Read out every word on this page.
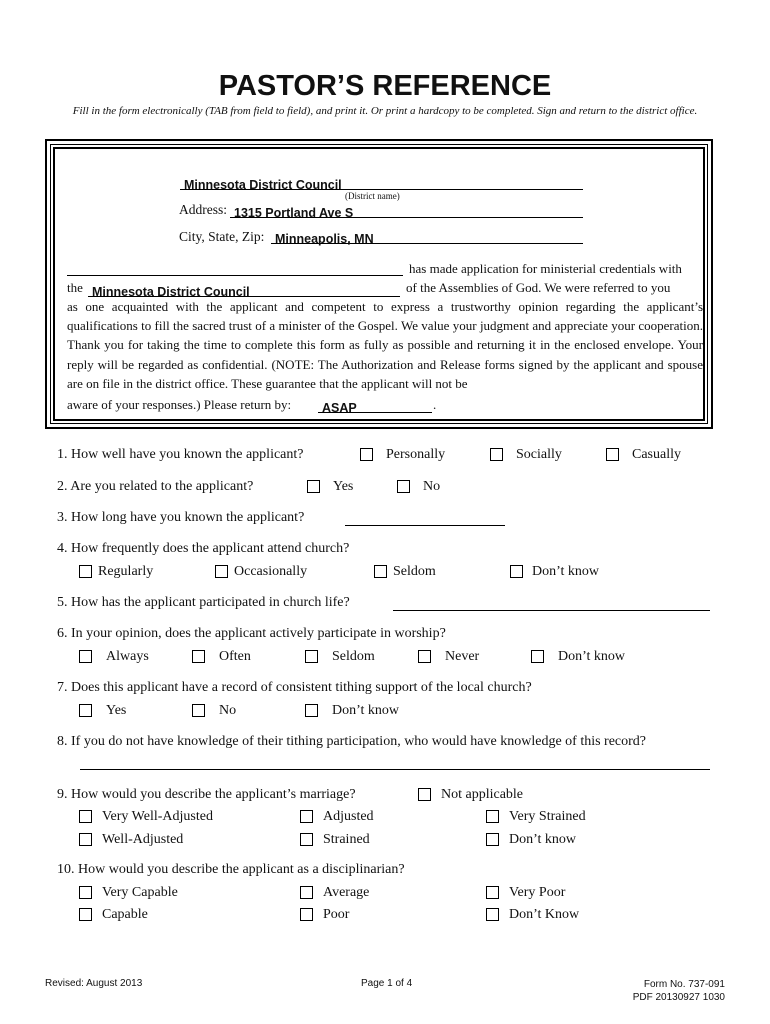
PASTOR’S REFERENCE
Fill in the form electronically (TAB from field to field), and print it. Or print a hardcopy to be completed. Sign and return to the district office.
Minnesota District Council
(District name)
Address: 1315 Portland Ave S
City, State, Zip: Minneapolis, MN
has made application for ministerial credentials with
the Minnesota District Council	of the Assemblies of God. We were referred to you
as one acquainted with the applicant and competent to express a trustworthy opinion regarding the applicant’s qualifications to fill the sacred trust of a minister of the Gospel. We value your judgment and appreciate your cooperation. Thank you for taking the time to complete this form as fully as possible and returning it in the enclosed envelope. Your reply will be regarded as confidential. (NOTE: The Authorization and Release forms signed by the applicant and spouse are on file in the district office. These guarantee that the applicant will not be
aware of your responses.) Please return by: ASAP	.
1. How well have you known the applicant?	Personally	Socially	Casually
2. Are you related to the applicant?	Yes	No
3. How long have you known the applicant?
4. How frequently does the applicant attend church?
Regularly	Occasionally	Seldom	Don’t know
5. How has the applicant participated in church life?
6. In your opinion, does the applicant actively participate in worship?
Always	Often	Seldom	Never	Don’t know
7. Does this applicant have a record of consistent tithing support of the local church?
Yes	No	Don’t know
8. If you do not have knowledge of their tithing participation, who would have knowledge of this record?
9. How would you describe the applicant’s marriage?	Not applicable
Very Well-Adjusted	Adjusted	Very Strained
Well-Adjusted	Strained	Don’t know
10. How would you describe the applicant as a disciplinarian?
Very Capable	Average	Very Poor
Capable	Poor	Don’t Know
Revised: August 2013	Page 1 of 4	Form No. 737-091
PDF 20130927 1030
